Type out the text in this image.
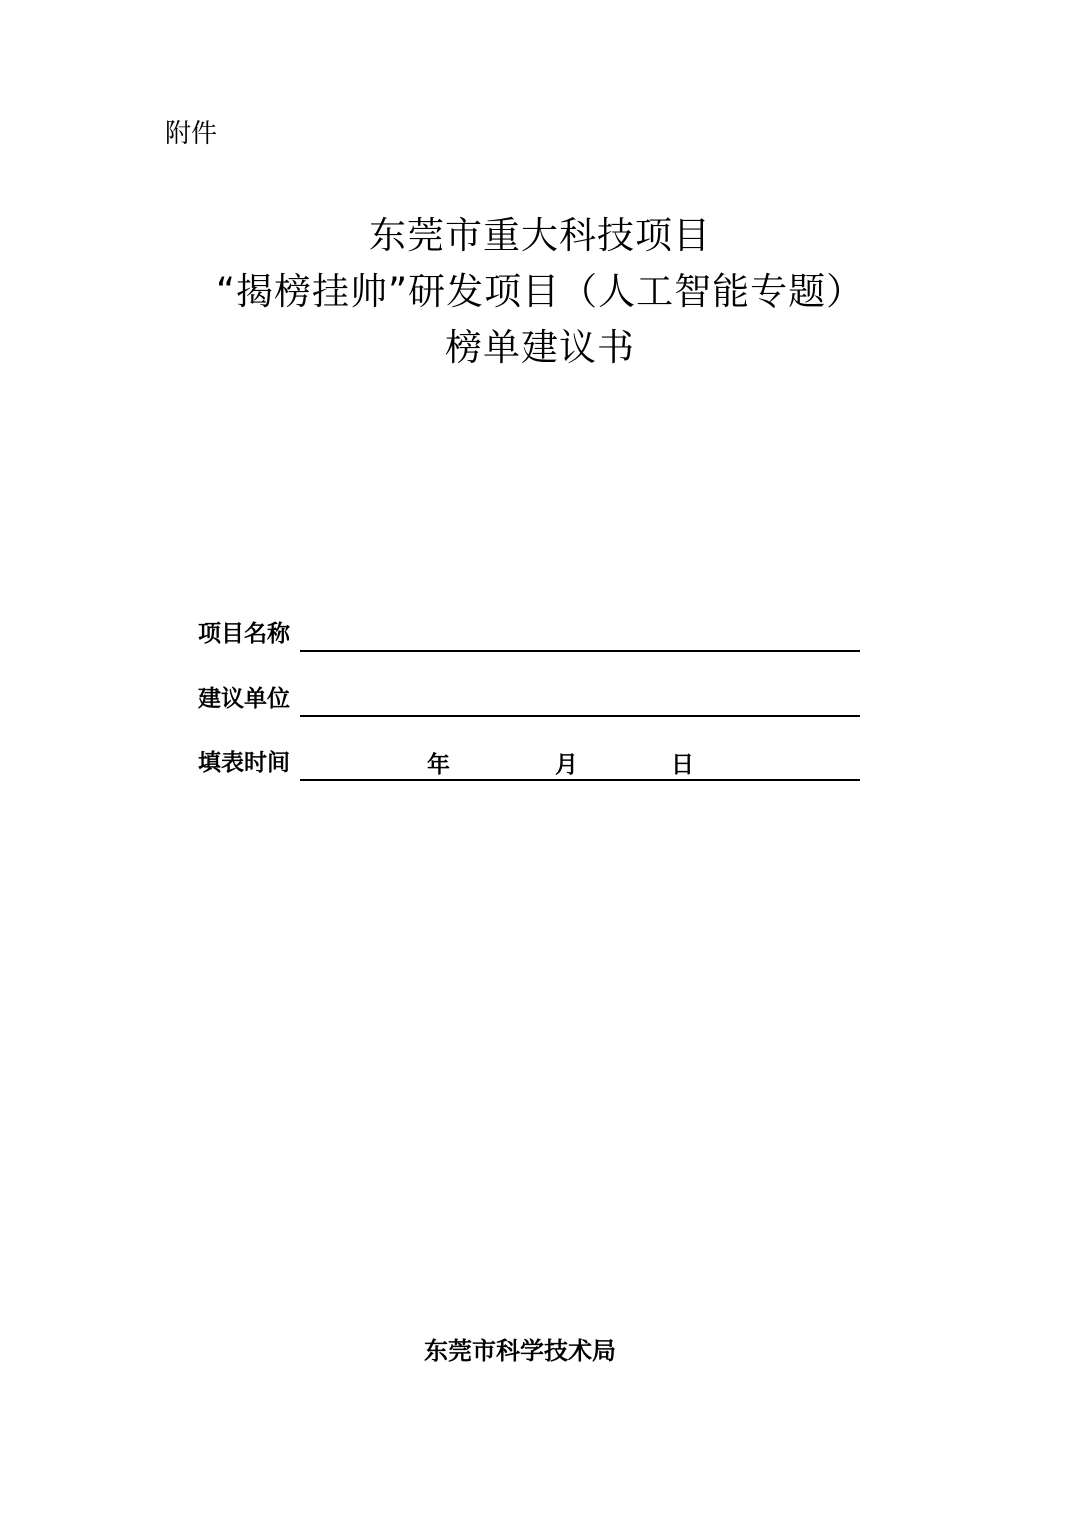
附件
东莞市重大科技项目
“揭榜挂帅”研发项目（人工智能专题）
榜单建议书
项目名称
建议单位
填表时间	年	月	日
东莞市科学技术局
